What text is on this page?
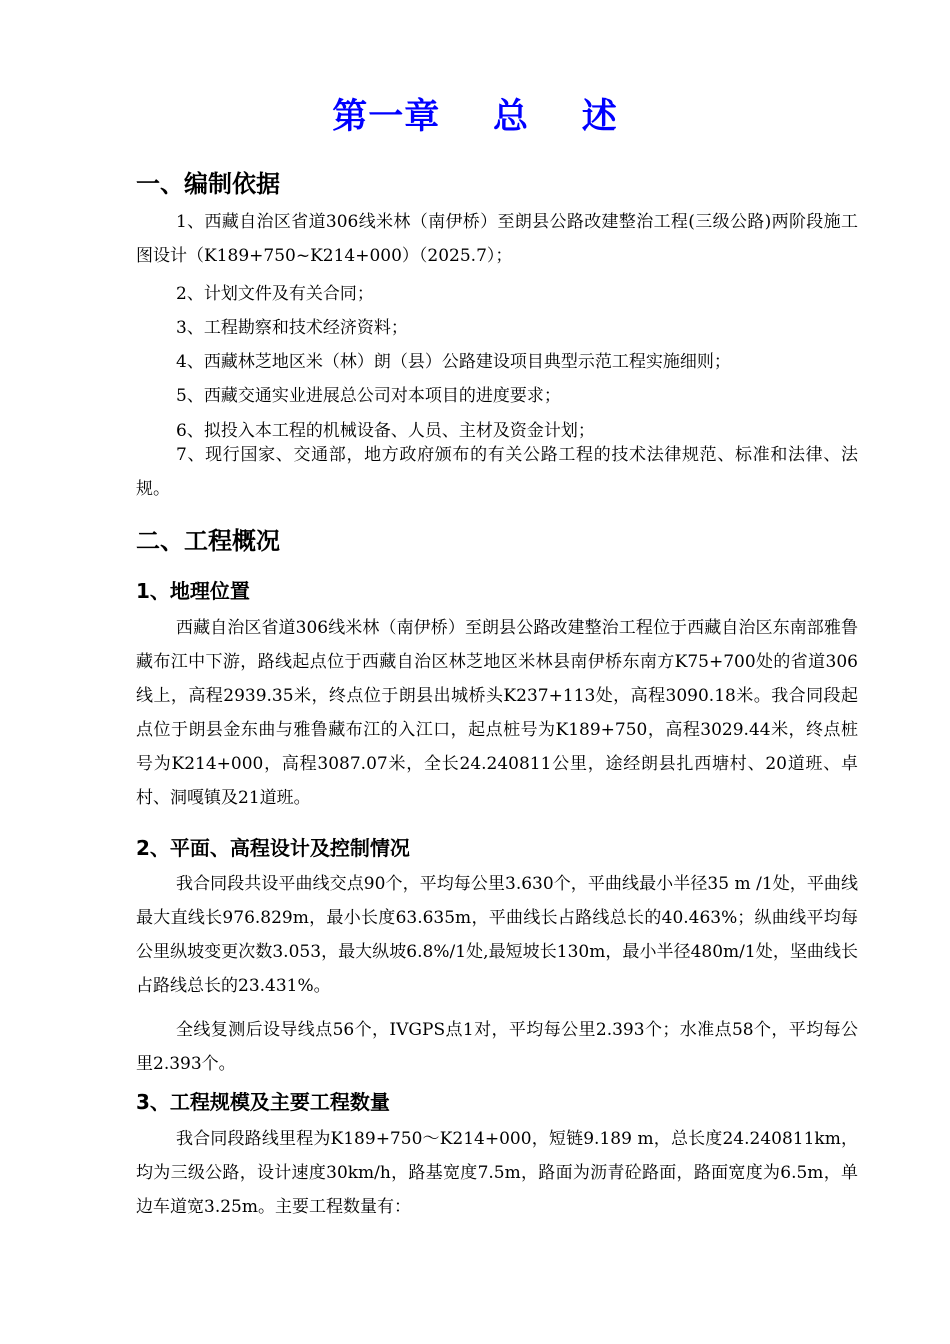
第一章    总    述
一、编制依据
1、西藏自治区省道306线米林（南伊桥）至朗县公路改建整治工程(三级公路)两阶段施工图设计（K189+750~K214+000）（2025.7）；
2、计划文件及有关合同；
3、工程勘察和技术经济资料；
4、西藏林芝地区米（林）朗（县）公路建设项目典型示范工程实施细则；
5、西藏交通实业进展总公司对本项目的进度要求；
6、拟投入本工程的机械设备、人员、主材及资金计划；
7、现行国家、交通部，地方政府颁布的有关公路工程的技术法律规范、标准和法律、法规。
二、工程概况
1、地理位置
西藏自治区省道306线米林（南伊桥）至朗县公路改建整治工程位于西藏自治区东南部雅鲁藏布江中下游，路线起点位于西藏自治区林芝地区米林县南伊桥东南方K75+700处的省道306线上，高程2939.35米，终点位于朗县出城桥头K237+113处，高程3090.18米。我合同段起点位于朗县金东曲与雅鲁藏布江的入江口，起点桩号为K189+750，高程3029.44米，终点桩号为K214+000，高程3087.07米，全长24.240811公里，途经朗县扎西塘村、20道班、卓村、洞嘎镇及21道班。
2、平面、高程设计及控制情况
我合同段共设平曲线交点90个，平均每公里3.630个，平曲线最小半径35 m /1处，平曲线最大直线长976.829m，最小长度63.635m，平曲线长占路线总长的40.463%；纵曲线平均每公里纵坡变更次数3.053，最大纵坡6.8%/1处,最短坡长130m，最小半径480m/1处，坚曲线长占路线总长的23.431%。
全线复测后设导线点56个，IVGPS点1对，平均每公里2.393个；水准点58个，平均每公里2.393个。
3、工程规模及主要工程数量
我合同段路线里程为K189+750～K214+000，短链9.189 m，总长度24.240811km，均为三级公路，设计速度30km/h，路基宽度7.5m，路面为沥青砼路面，路面宽度为6.5m，单边车道宽3.25m。主要工程数量有：
